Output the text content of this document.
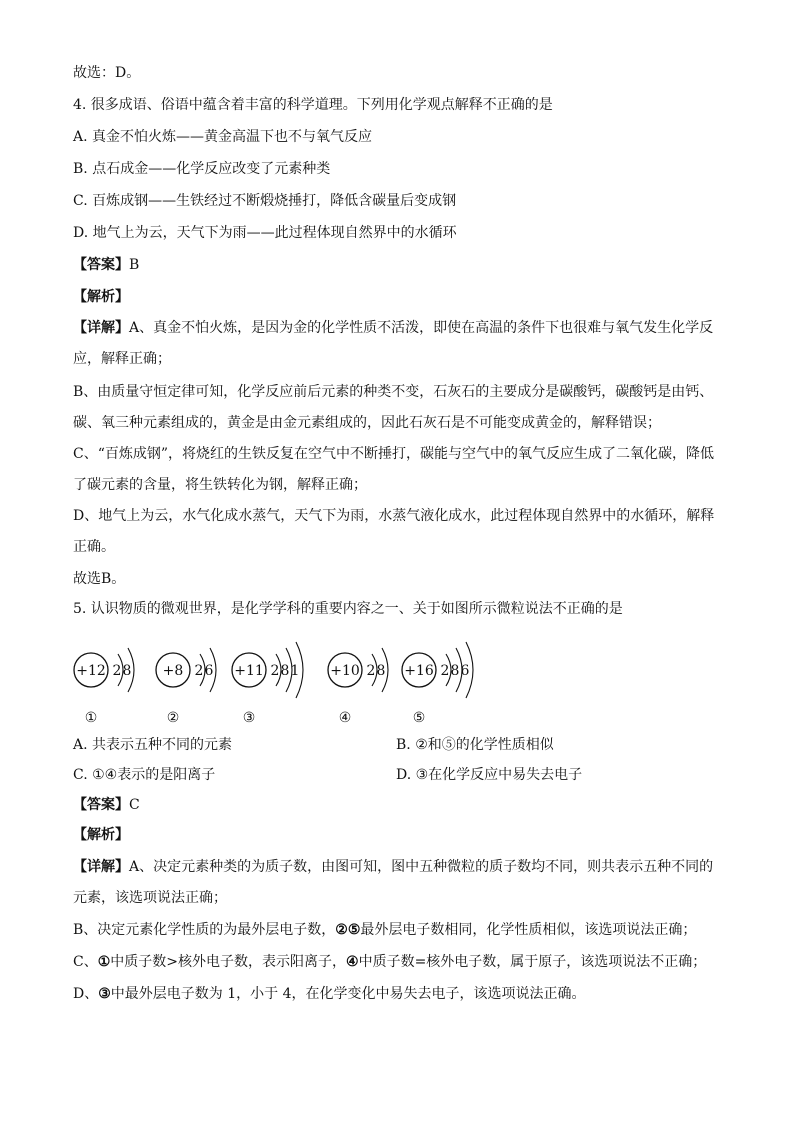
故选：D。
4. 很多成语、俗语中蕴含着丰富的科学道理。下列用化学观点解释不正确的是
A. 真金不怕火炼——黄金高温下也不与氧气反应
B. 点石成金——化学反应改变了元素种类
C. 百炼成钢——生铁经过不断煅烧捶打，降低含碳量后变成钢
D. 地气上为云，天气下为雨——此过程体现自然界中的水循环
【答案】B
【解析】
【详解】A、真金不怕火炼，是因为金的化学性质不活泼，即使在高温的条件下也很难与氧气发生化学反应，解释正确；
B、由质量守恒定律可知，化学反应前后元素的种类不变，石灰石的主要成分是碳酸钙，碳酸钙是由钙、碳、氧三种元素组成的，黄金是由金元素组成的，因此石灰石是不可能变成黄金的，解释错误；
C、“百炼成钢”，将烧红的生铁反复在空气中不断捶打，碳能与空气中的氧气反应生成了二氧化碳，降低了碳元素的含量，将生铁转化为钢，解释正确；
D、地气上为云，水气化成水蒸气，天气下为雨，水蒸气液化成水，此过程体现自然界中的水循环，解释正确。
故选B。
5. 认识物质的微观世界，是化学学科的重要内容之一、关于如图所示微粒说法不正确的是
+12 2 8
①
+8 2 6
②
+11 2 8 1
③
+10 2 8
④
+16 2 8 6
⑤
A. 共表示五种不同的元素	B. ②和⑤的化学性质相似
C. ①④表示的是阳离子	D. ③在化学反应中易失去电子
【答案】C
【解析】
【详解】A、决定元素种类的为质子数，由图可知，图中五种微粒的质子数均不同，则共表示五种不同的元素，该选项说法正确；
B、决定元素化学性质的为最外层电子数，②⑤最外层电子数相同，化学性质相似，该选项说法正确；
C、①中质子数>核外电子数，表示阳离子，④中质子数=核外电子数，属于原子，该选项说法不正确；
D、③中最外层电子数为 1，小于 4，在化学变化中易失去电子，该选项说法正确。
